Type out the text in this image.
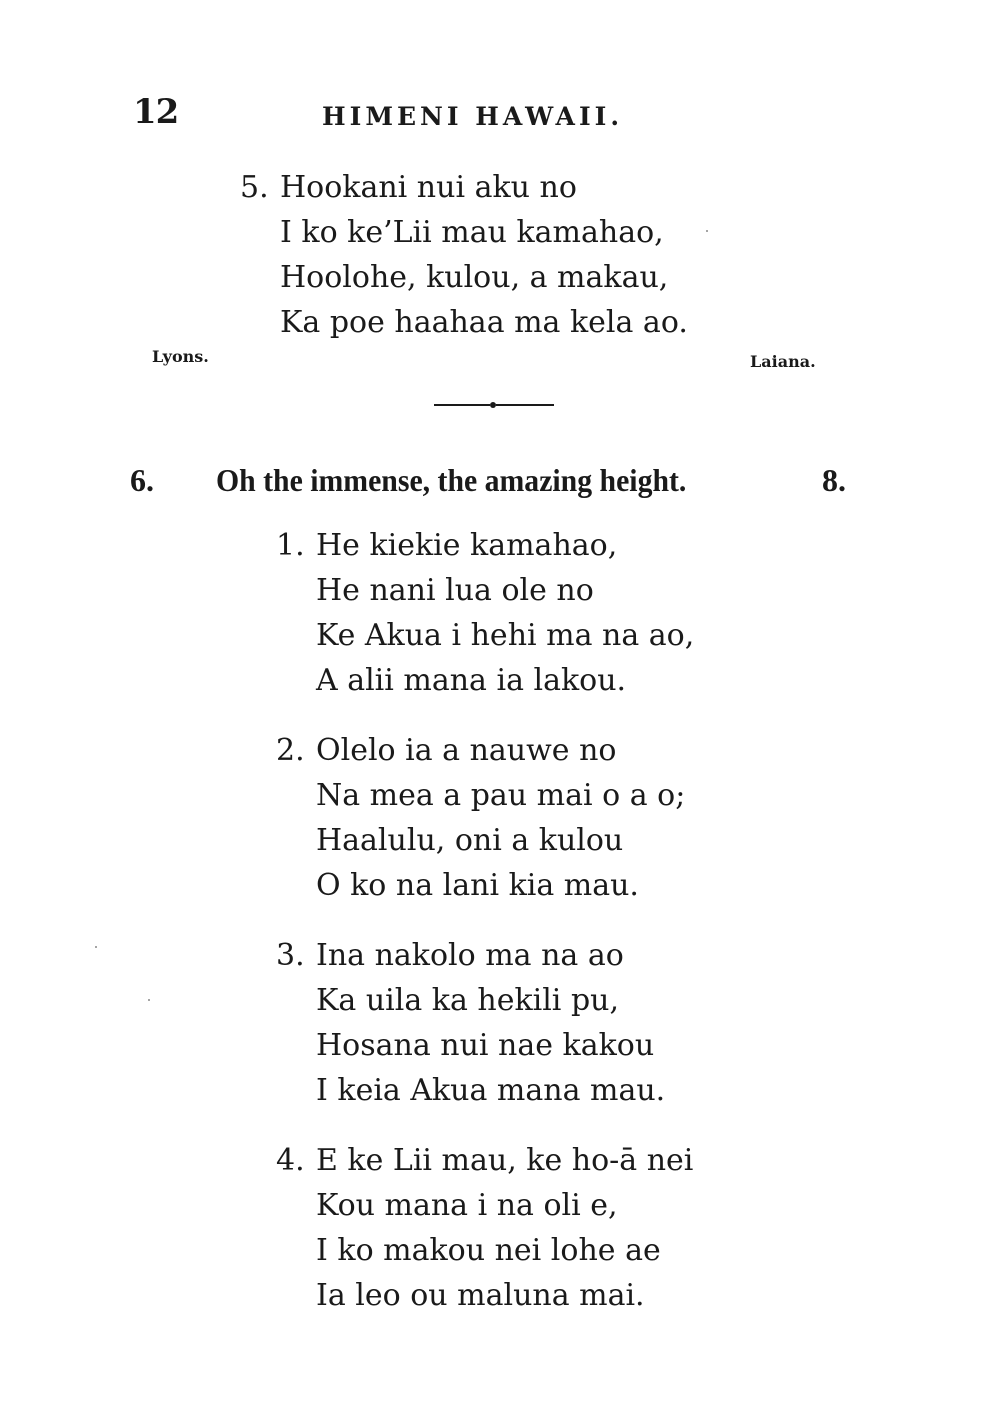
12	HIMENI HAWAII.
5. Hookani nui aku no
I ko ke’Lii mau kamahao,
Hoolohe, kulou, a makau,
Ka poe haahaa ma kela ao.
Lyons.	Laiana.
6. Oh the immense, the amazing height.	8.
1. He kiekie kamahao,
He nani lua ole no
Ke Akua i hehi ma na ao,
A alii mana ia lakou.
2. Olelo ia a nauwe no
Na mea a pau mai o a o;
Haalulu, oni a kulou
O ko na lani kia mau.
3. Ina nakolo ma na ao
Ka uila ka hekili pu,
Hosana nui nae kakou
I keia Akua mana mau.
4. E ke Lii mau, ke ho-ā nei
Kou mana i na oli e,
I ko makou nei lohe ae
Ia leo ou maluna mai.
